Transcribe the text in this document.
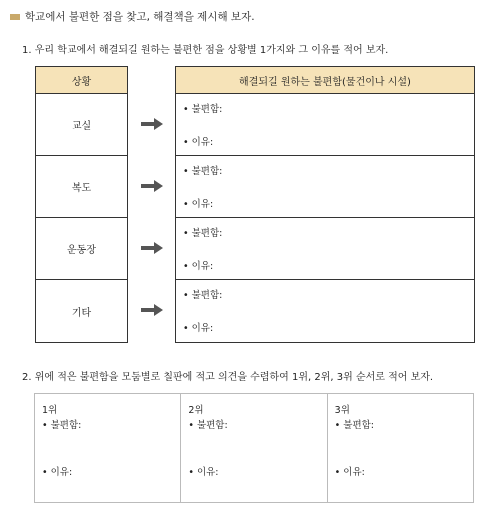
학교에서 불편한 점을 찾고, 해결책을 제시해 보자.
1. 우리 학교에서 해결되길 원하는 불편한 점을 상황별 1가지와 그 이유를 적어 보자.
상황
교실
복도
운동장
기타
해결되길 원하는 불편함(물건이나 시설)
• 불편함:
• 이유:
• 불편함:
• 이유:
• 불편함:
• 이유:
• 불편함:
• 이유:
2. 위에 적은 불편함을 모둠별로 칠판에 적고 의견을 수렴하여 1위, 2위, 3위 순서로 적어 보자.
1위
• 불편함:
• 이유:
2위
• 불편함:
• 이유:
3위
• 불편함:
• 이유:
